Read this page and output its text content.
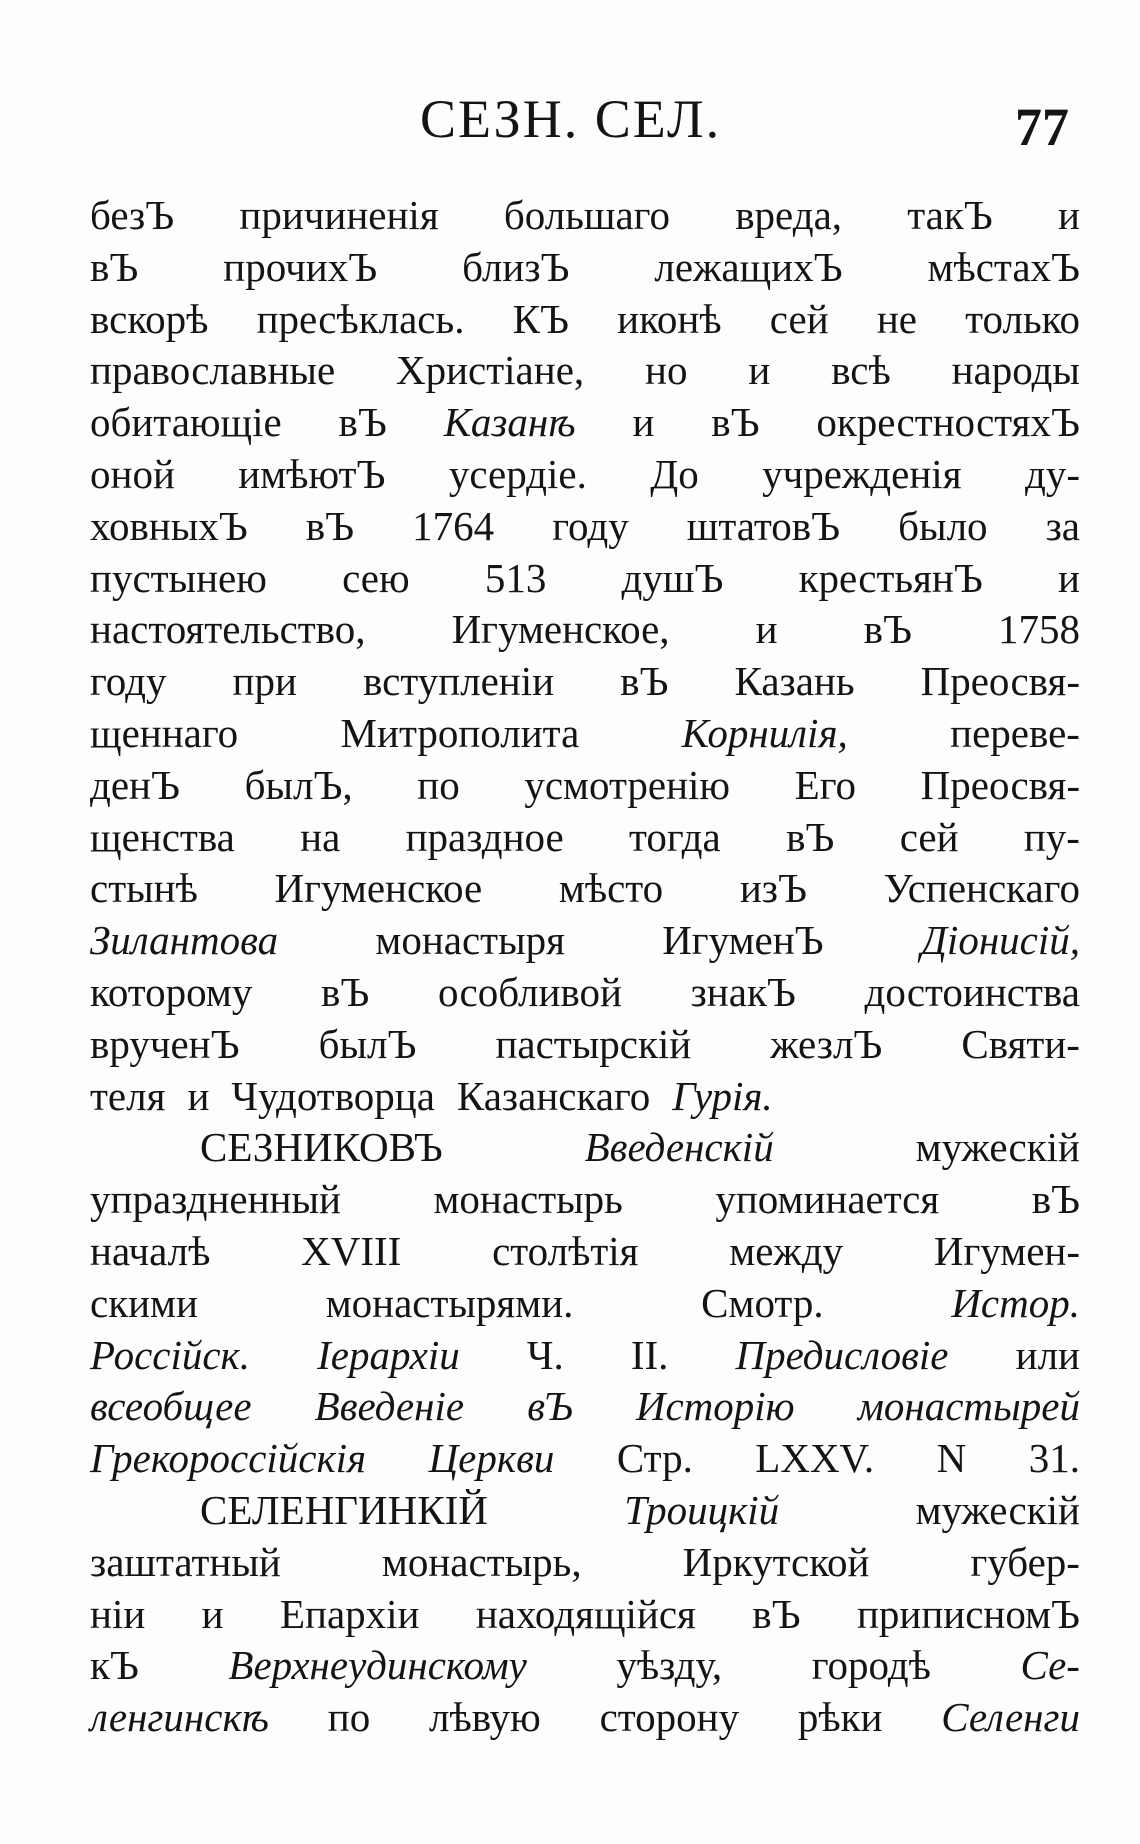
СЕЗН. СЕЛ.	77
безЪ причиненія большаго вреда, такЪ и
вЪ прочихЪ близЪ лежащихЪ мѣстахЪ
вскорѣ пресѣклась. КЪ иконѣ сей не только
православные Христіане, но и всѣ народы
обитающіе вЪ Казанѣ и вЪ окрестностяхЪ
оной имѣютЪ усердіе. До учрежденія ду-
ховныхЪ вЪ 1764 году штатовЪ было за
пустынею сею 513 душЪ крестьянЪ и
настоятельство, Игуменское, и вЪ 1758
году при вступленіи вЪ Казань Преосвя-
щеннаго Митрополита Корнилія, переве-
денЪ былЪ, по усмотренію Его Преосвя-
щенства на праздное тогда вЪ сей пу-
стынѣ Игуменское мѣсто изЪ Успенскаго
Зилантова монастыря ИгуменЪ Діонисій,
которому вЪ особливой знакЪ достоинства
врученЪ былЪ пастырскій жезлЪ Святи-
теля и Чудотворца Казанскаго Гурія.
СЕЗНИКОВЪ	Введенскій	мужескій
упраздненный монастырь упоминается вЪ
началѣ XVIII столѣтія между Игумен-
скими	монастырями.	Смотр.	Истор.
Россійск. Іерархіи Ч. II. Предисловіе или
всеобщее Введеніе вЪ Исторію монастырей
Грекороссійскія Церкви Стр. LXXV. N 31.
СЕЛЕНГИНКІЙ	Троицкій	мужескій
заштатный монастырь, Иркутской губер-
ніи и Епархіи находящійся вЪ приписномЪ
кЪ Верхнеудинскому уѣзду, городѣ Се-
ленгинскѣ по лѣвую сторону рѣки Селенги
